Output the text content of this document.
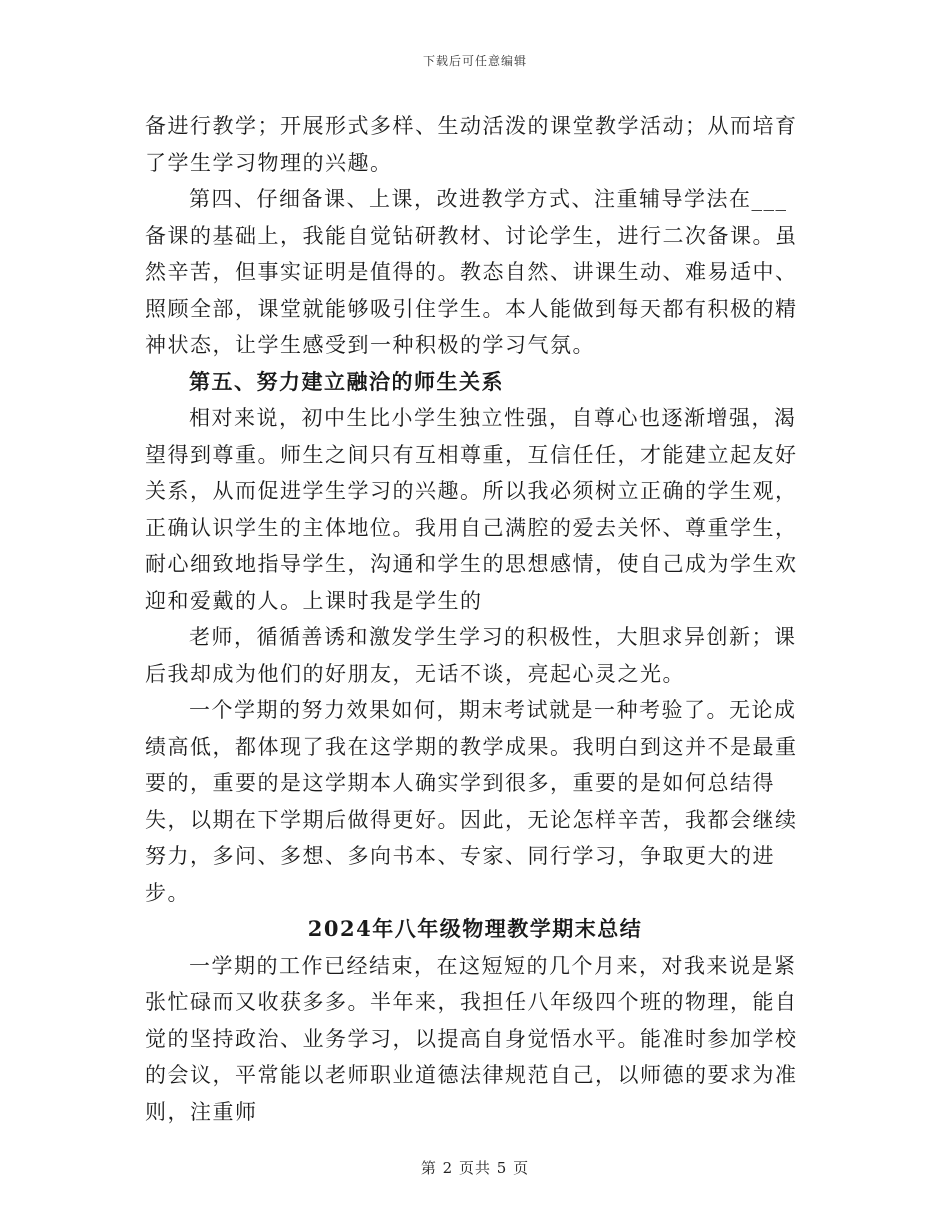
下载后可任意编辑

备进行教学；开展形式多样、生动活泼的课堂教学活动；从而培育了学生学习物理的兴趣。

第四、仔细备课、上课，改进教学方式、注重辅导学法在___备课的基础上，我能自觉钻研教材、讨论学生，进行二次备课。虽然辛苦，但事实证明是值得的。教态自然、讲课生动、难易适中、照顾全部，课堂就能够吸引住学生。本人能做到每天都有积极的精神状态，让学生感受到一种积极的学习气氛。

第五、努力建立融洽的师生关系

相对来说，初中生比小学生独立性强，自尊心也逐渐增强，渴望得到尊重。师生之间只有互相尊重，互信任任，才能建立起友好关系，从而促进学生学习的兴趣。所以我必须树立正确的学生观，正确认识学生的主体地位。我用自己满腔的爱去关怀、尊重学生，耐心细致地指导学生，沟通和学生的思想感情，使自己成为学生欢迎和爱戴的人。上课时我是学生的

老师，循循善诱和激发学生学习的积极性，大胆求异创新；课后我却成为他们的好朋友，无话不谈，亮起心灵之光。

一个学期的努力效果如何，期末考试就是一种考验了。无论成绩高低，都体现了我在这学期的教学成果。我明白到这并不是最重要的，重要的是这学期本人确实学到很多，重要的是如何总结得失，以期在下学期后做得更好。因此，无论怎样辛苦，我都会继续努力，多问、多想、多向书本、专家、同行学习，争取更大的进步。

2024年八年级物理教学期末总结

一学期的工作已经结束，在这短短的几个月来，对我来说是紧张忙碌而又收获多多。半年来，我担任八年级四个班的物理，能自觉的坚持政治、业务学习，以提高自身觉悟水平。能准时参加学校的会议，平常能以老师职业道德法律规范自己，以师德的要求为准则，注重师

第 2 页共 5 页
